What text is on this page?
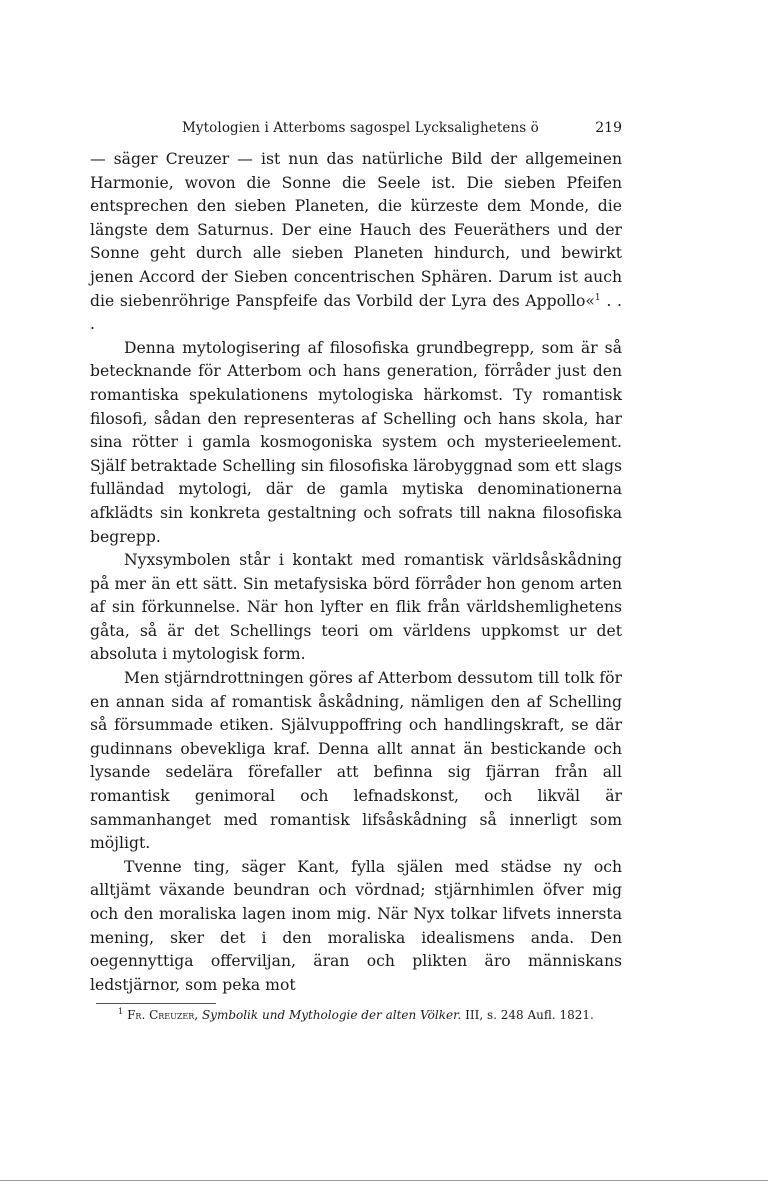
Mytologien i Atterboms sagospel Lycksalighetens ö	219

— säger Creuzer — ist nun das natürliche Bild der allgemeinen Harmonie, wovon die Sonne die Seele ist. Die sieben Pfeifen entsprechen den sieben Planeten, die kürzeste dem Monde, die längste dem Saturnus. Der eine Hauch des Feueräthers und der Sonne geht durch alle sieben Planeten hindurch, und bewirkt jenen Accord der Sieben concentrischen Sphären. Darum ist auch die siebenröhrige Panspfeife das Vorbild der Lyra des Appollo«$^1$ . . .

Denna mytologisering af filosofiska grundbegrepp, som är så betecknande för Atterbom och hans generation, förråder just den romantiska spekulationens mytologiska härkomst. Ty romantisk filosofi, sådan den representeras af Schelling och hans skola, har sina rötter i gamla kosmogoniska system och mysterieelement. Själf betraktade Schelling sin filosofiska lärobyggnad som ett slags fulländad mytologi, där de gamla mytiska denominationerna afklädts sin konkreta gestaltning och sofrats till nakna filosofiska begrepp.

Nyxsymbolen står i kontakt med romantisk världsåskådning på mer än ett sätt. Sin metafysiska börd förråder hon genom arten af sin förkunnelse. När hon lyfter en flik från världshemlighetens gåta, så är det Schellings teori om världens uppkomst ur det absoluta i mytologisk form.

Men stjärndrottningen göres af Atterbom dessutom till tolk för en annan sida af romantisk åskådning, nämligen den af Schelling så försummade etiken. Självuppoffring och handlingskraft, se där gudinnans obevekliga kraf. Denna allt annat än bestickande och lysande sedelära förefaller att befinna sig fjärran från all romantisk genimoral och lefnadskonst, och likväl är sammanhanget med romantisk lifsåskådning så innerligt som möjligt.

Tvenne ting, säger Kant, fylla själen med städse ny och alltjämt växande beundran och vördnad; stjärnhimlen öfver mig och den moraliska lagen inom mig. När Nyx tolkar lifvets innersta mening, sker det i den moraliska idealismens anda. Den oegennyttiga offerviljan, äran och plikten äro människans ledstjärnor, som peka mot

$^1$ Fr. Creuzer, Symbolik und Mythologie der alten Völker. III, s. 248 Aufl. 1821.
